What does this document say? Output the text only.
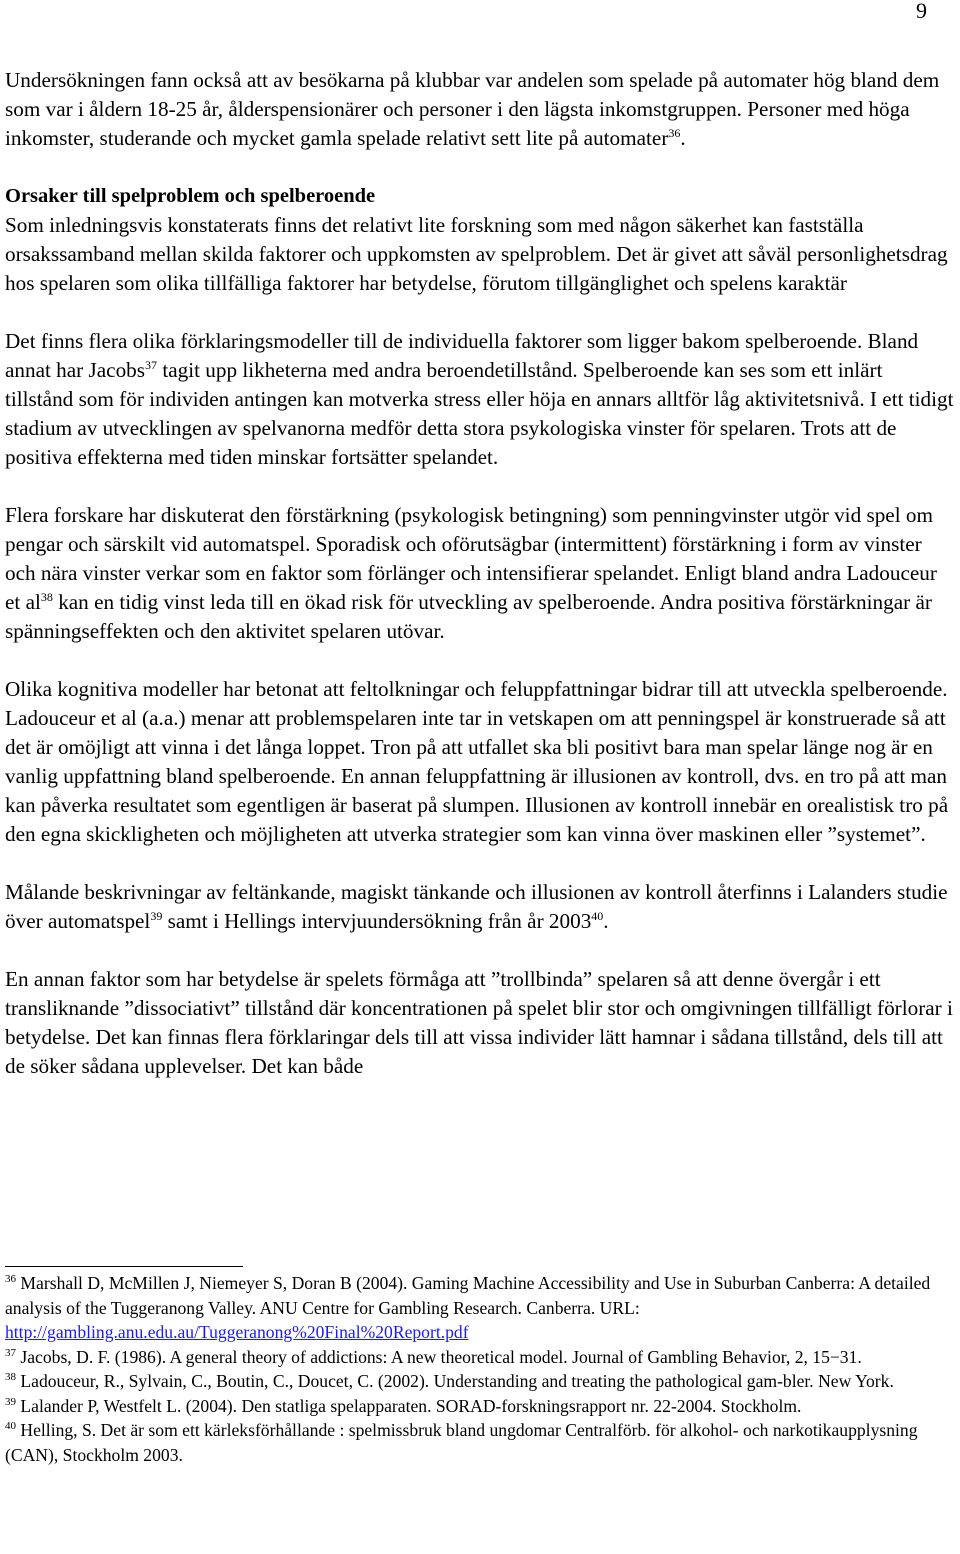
9

Undersökningen fann också att av besökarna på klubbar var andelen som spelade på automater hög bland dem som var i åldern 18-25 år, ålderspensionärer och personer i den lägsta inkomstgruppen. Personer med höga inkomster, studerande och mycket gamla spelade relativt sett lite på automater$^{36}$.

Orsaker till spelproblem och spelberoende

Som inledningsvis konstaterats finns det relativt lite forskning som med någon säkerhet kan fastställa orsakssamband mellan skilda faktorer och uppkomsten av spelproblem. Det är givet att såväl personlighetsdrag hos spelaren som olika tillfälliga faktorer har betydelse, förutom tillgänglighet och spelens karaktär

Det finns flera olika förklaringsmodeller till de individuella faktorer som ligger bakom spelberoende. Bland annat har Jacobs$^{37}$ tagit upp likheterna med andra beroendetillstånd. Spelberoende kan ses som ett inlärt tillstånd som för individen antingen kan motverka stress eller höja en annars alltför låg aktivitetsnivå. I ett tidigt stadium av utvecklingen av spelvanorna medför detta stora psykologiska vinster för spelaren. Trots att de positiva effekterna med tiden minskar fortsätter spelandet.

Flera forskare har diskuterat den förstärkning (psykologisk betingning) som penningvinster utgör vid spel om pengar och särskilt vid automatspel. Sporadisk och oförutsägbar (intermittent) förstärkning i form av vinster och nära vinster verkar som en faktor som förlänger och intensifierar spelandet. Enligt bland andra Ladouceur et $al^{38}$ kan en tidig vinst leda till en ökad risk för utveckling av spelberoende. Andra positiva förstärkningar är spänningseffekten och den aktivitet spelaren utövar.

Olika kognitiva modeller har betonat att feltolkningar och feluppfattningar bidrar till att utveckla spelberoende. Ladouceur et al (a.a.) menar att problemspelaren inte tar in vetskapen om att penningspel är konstruerade så att det är omöjligt att vinna i det långa loppet. Tron på att utfallet ska bli positivt bara man spelar länge nog är en vanlig uppfattning bland spelberoende. En annan feluppfattning är illusionen av kontroll, dvs. en tro på att man kan påverka resultatet som egentligen är baserat på slumpen. Illusionen av kontroll innebär en orealistisk tro på den egna skickligheten och möjligheten att utverka strategier som kan vinna över maskinen eller ”systemet”.

Målande beskrivningar av feltänkande, magiskt tänkande och illusionen av kontroll återfinns i Lalanders studie över automatspel$^{39}$ samt i Hellings intervjuundersökning från år 2003$^{40}$.

En annan faktor som har betydelse är spelets förmåga att ”trollbinda” spelaren så att denne övergår i ett transliknande ”dissociativt” tillstånd där koncentrationen på spelet blir stor och omgivningen tillfälligt förlorar i betydelse. Det kan finnas flera förklaringar dels till att vissa individer lätt hamnar i sådana tillstånd, dels till att de söker sådana upplevelser. Det kan både

$^{36}$ Marshall D, McMillen J, Niemeyer S, Doran B (2004). Gaming Machine Accessibility and Use in Suburban Canberra: A detailed analysis of the Tuggeranong Valley. ANU Centre for Gambling Research. Canberra. URL: http://gambling.anu.edu.au/Tuggeranong%20Final%20Report.pdf

$^{37}$ Jacobs, D. F. (1986). A general theory of addictions: A new theoretical model. Journal of Gambling Behavior, 2, 15−31.

$^{38}$ Ladouceur, R., Sylvain, C., Boutin, C., Doucet, C. (2002). Understanding and treating the pathological gam-bler. New York.

$^{39}$ Lalander P, Westfelt L. (2004). Den statliga spelapparaten. SORAD-forskningsrapport nr. 22-2004. Stockholm.

$^{40}$ Helling, S. Det är som ett kärleksförhållande : spelmissbruk bland ungdomar Centralförb. för alkohol- och narkotikaupplysning (CAN), Stockholm 2003.
